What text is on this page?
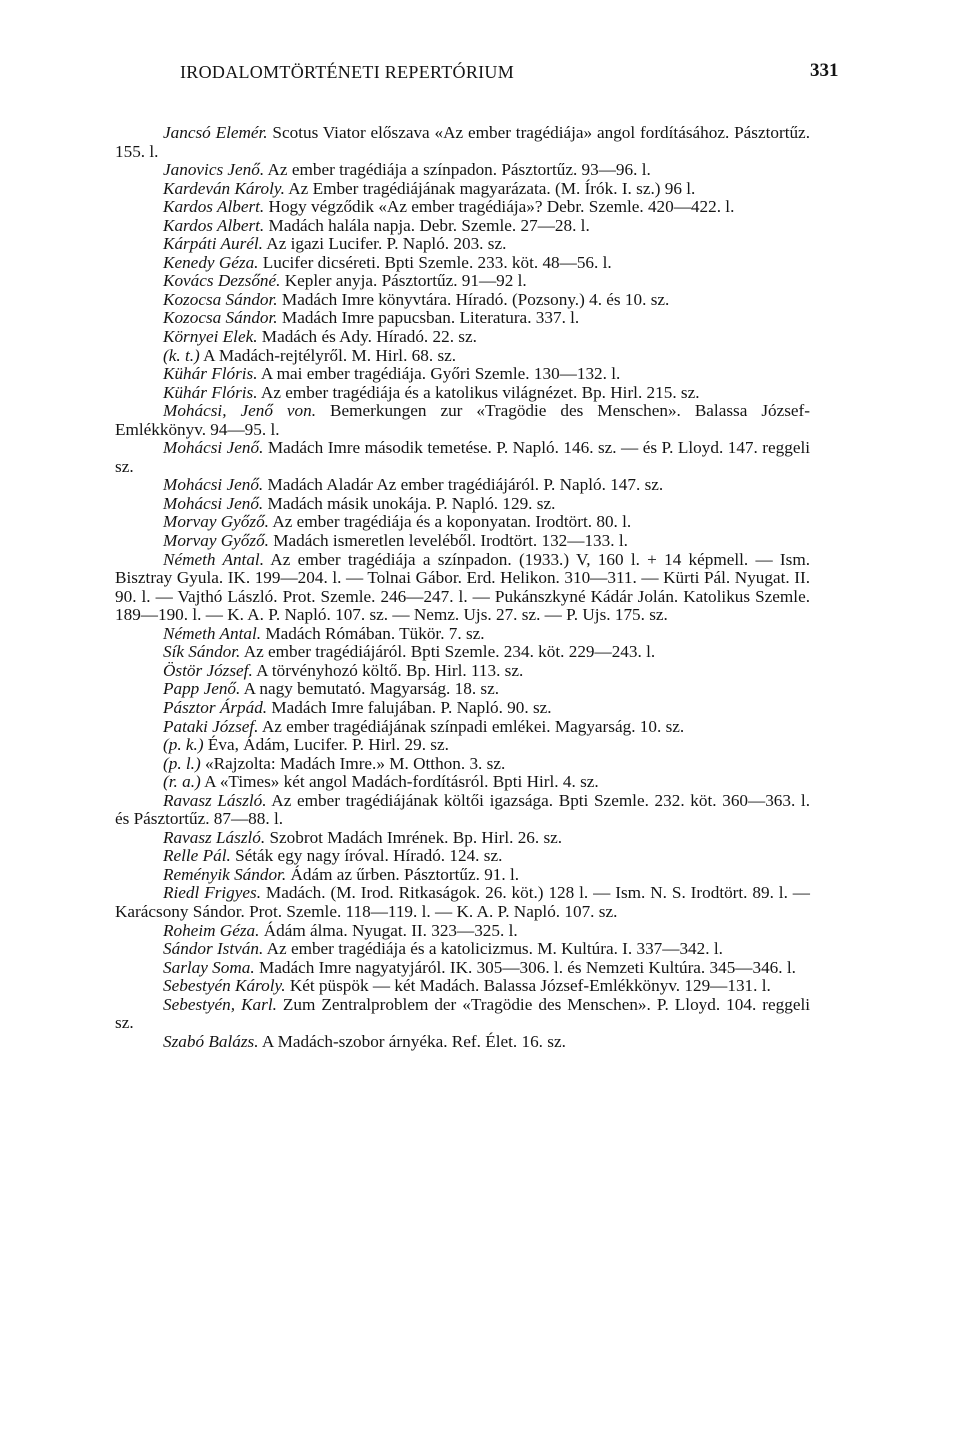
IRODALOMTÖRTÉNETI REPERTÓRIUM	331

Jancsó Elemér. Scotus Viator előszava «Az ember tragédiája» angol fordításához. Pásztortűz. 155. l.

Janovics Jenő. Az ember tragédiája a színpadon. Pásztortűz. 93—96. l.

Kardeván Károly. Az Ember tragédiájának magyarázata. (M. Írók. I. sz.) 96 l.

Kardos Albert. Hogy végződik «Az ember tragédiája»? Debr. Szemle. 420—422. l.

Kardos Albert. Madách halála napja. Debr. Szemle. 27—28. l.

Kárpáti Aurél. Az igazi Lucifer. P. Napló. 203. sz.

Kenedy Géza. Lucifer dicséreti. Bpti Szemle. 233. köt. 48—56. l.

Kovács Dezsőné. Kepler anyja. Pásztortűz. 91—92 l.

Kozocsa Sándor. Madách Imre könyvtára. Híradó. (Pozsony.) 4. és 10. sz.

Kozocsa Sándor. Madách Imre papucsban. Literatura. 337. l.

Környei Elek. Madách és Ady. Híradó. 22. sz.

(k. t.) A Madách-rejtélyről. M. Hirl. 68. sz.

Kühár Flóris. A mai ember tragédiája. Győri Szemle. 130—132. l.

Kühár Flóris. Az ember tragédiája és a katolikus világnézet. Bp. Hirl. 215. sz.

Mohácsi, Jenő von. Bemerkungen zur «Tragödie des Menschen». Balassa József-Emlékkönyv. 94—95. l.

Mohácsi Jenő. Madách Imre második temetése. P. Napló. 146. sz. — és P. Lloyd. 147. reggeli sz.

Mohácsi Jenő. Madách Aladár Az ember tragédiájáról. P. Napló. 147. sz.

Mohácsi Jenő. Madách másik unokája. P. Napló. 129. sz.

Morvay Győző. Az ember tragédiája és a koponyatan. Irodtört. 80. l.

Morvay Győző. Madách ismeretlen leveléből. Irodtört. 132—133. l.

Németh Antal. Az ember tragédiája a színpadon. (1933.) V, 160 l. + 14 képmell. — Ism. Bisztray Gyula. IK. 199—204. l. — Tolnai Gábor. Erd. Helikon. 310—311. — Kürti Pál. Nyugat. II. 90. l. — Vajthó László. Prot. Szemle. 246—247. l. — Pukánszkyné Kádár Jolán. Katolikus Szemle. 189—190. l. — K. A. P. Napló. 107. sz. — Nemz. Ujs. 27. sz. — P. Ujs. 175. sz.

Németh Antal. Madách Rómában. Tükör. 7. sz.

Sík Sándor. Az ember tragédiájáról. Bpti Szemle. 234. köt. 229—243. l.

Östör József. A törvényhozó költő. Bp. Hirl. 113. sz.

Papp Jenő. A nagy bemutató. Magyarság. 18. sz.

Pásztor Árpád. Madách Imre falujában. P. Napló. 90. sz.

Pataki József. Az ember tragédiájának színpadi emlékei. Magyarság. 10. sz.

(p. k.) Éva, Ádám, Lucifer. P. Hirl. 29. sz.

(p. l.) «Rajzolta: Madách Imre.» M. Otthon. 3. sz.

(r. a.) A «Times» két angol Madách-fordításról. Bpti Hirl. 4. sz.

Ravasz László. Az ember tragédiájának költői igazsága. Bpti Szemle. 232. köt. 360—363. l. és Pásztortűz. 87—88. l.

Ravasz László. Szobrot Madách Imrének. Bp. Hirl. 26. sz.

Relle Pál. Séták egy nagy íróval. Híradó. 124. sz.

Reményik Sándor. Ádám az űrben. Pásztortűz. 91. l.

Riedl Frigyes. Madách. (M. Irod. Ritkaságok. 26. köt.) 128 l. — Ism. N. S. Irodtört. 89. l. — Karácsony Sándor. Prot. Szemle. 118—119. l. — K. A. P. Napló. 107. sz.

Roheim Géza. Ádám álma. Nyugat. II. 323—325. l.

Sándor István. Az ember tragédiája és a katolicizmus. M. Kultúra. I. 337—342. l.

Sarlay Soma. Madách Imre nagyatyjáról. IK. 305—306. l. és Nemzeti Kultúra. 345—346. l.

Sebestyén Károly. Két püspök — két Madách. Balassa József-Emlékkönyv. 129—131. l.

Sebestyén, Karl. Zum Zentralproblem der «Tragödie des Menschen». P. Lloyd. 104. reggeli sz.

Szabó Balázs. A Madách-szobor árnyéka. Ref. Élet. 16. sz.
